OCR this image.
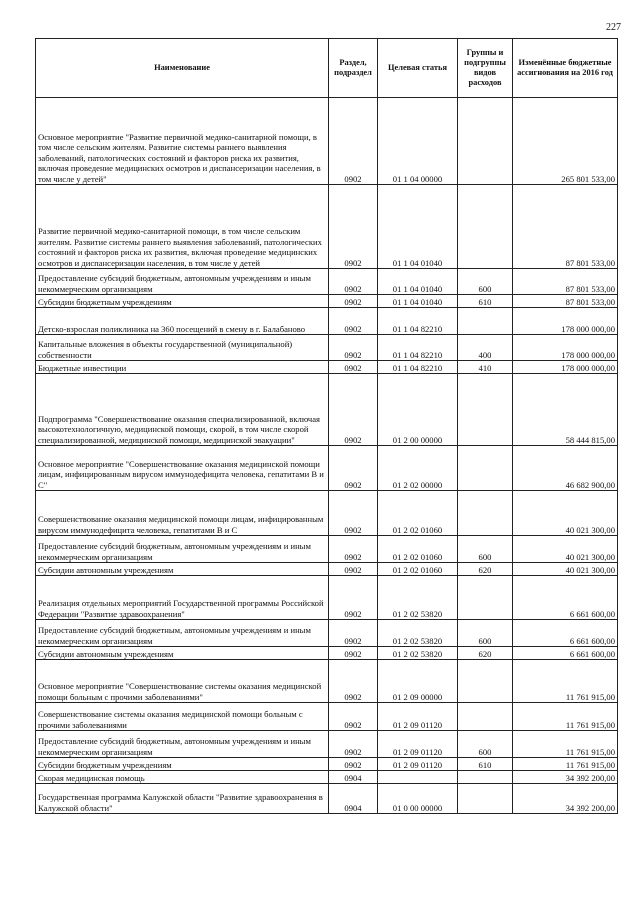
227
Наименование	Раздел, подраздел	Целевая статья	Группы и подгруппы видов расходов	Изменённые бюджетные ассигнования на 2016 год
Основное мероприятие "Развитие первичной медико-санитарной помощи, в том числе сельским жителям. Развитие системы раннего выявления заболеваний, патологических состояний и факторов риска их развития, включая проведение медицинских осмотров и диспансеризации населения, в том числе у детей"	0902	01 1 04 00000		265 801 533,00
Развитие первичной медико-санитарной помощи, в том числе сельским жителям. Развитие системы раннего выявления заболеваний, патологических состояний и факторов риска их развития, включая проведение медицинских осмотров и диспансеризации населения, в том числе у детей	0902	01 1 04 01040		87 801 533,00
Предоставление субсидий бюджетным, автономным учреждениям и иным некоммерческим организациям	0902	01 1 04 01040	600	87 801 533,00
Субсидии бюджетным учреждениям	0902	01 1 04 01040	610	87 801 533,00
Детско-взрослая поликлиника на 360 посещений в смену в г. Балабаново	0902	01 1 04 82210		178 000 000,00
Капитальные вложения в объекты государственной (муниципальной) собственности	0902	01 1 04 82210	400	178 000 000,00
Бюджетные инвестиции	0902	01 1 04 82210	410	178 000 000,00
Подпрограмма "Совершенствование оказания специализированной, включая высокотехнологичную, медицинской помощи, скорой, в том числе скорой специализированной, медицинской помощи, медицинской эвакуации"	0902	01 2 00 00000		58 444 815,00
Основное мероприятие "Совершенствование оказания медицинской помощи лицам, инфицированным вирусом иммунодефицита человека, гепатитами В и С"	0902	01 2 02 00000		46 682 900,00
Совершенствование оказания медицинской помощи лицам, инфицированным вирусом иммунодефицита человека, гепатитами В и С	0902	01 2 02 01060		40 021 300,00
Предоставление субсидий бюджетным, автономным учреждениям и иным некоммерческим организациям	0902	01 2 02 01060	600	40 021 300,00
Субсидии автономным учреждениям	0902	01 2 02 01060	620	40 021 300,00
Реализация отдельных мероприятий Государственной программы Российской Федерации "Развитие здравоохранения"	0902	01 2 02 53820		6 661 600,00
Предоставление субсидий бюджетным, автономным учреждениям и иным некоммерческим организациям	0902	01 2 02 53820	600	6 661 600,00
Субсидии автономным учреждениям	0902	01 2 02 53820	620	6 661 600,00
Основное мероприятие "Совершенствование системы оказания медицинской помощи больным с прочими заболеваниями"	0902	01 2 09 00000		11 761 915,00
Совершенствование системы оказания медицинской помощи больным с прочими заболеваниями	0902	01 2 09 01120		11 761 915,00
Предоставление субсидий бюджетным, автономным учреждениям и иным некоммерческим организациям	0902	01 2 09 01120	600	11 761 915,00
Субсидии бюджетным учреждениям	0902	01 2 09 01120	610	11 761 915,00
Скорая медицинская помощь	0904			34 392 200,00
Государственная программа Калужской области "Развитие здравоохранения в Калужской области"	0904	01 0 00 00000		34 392 200,00
